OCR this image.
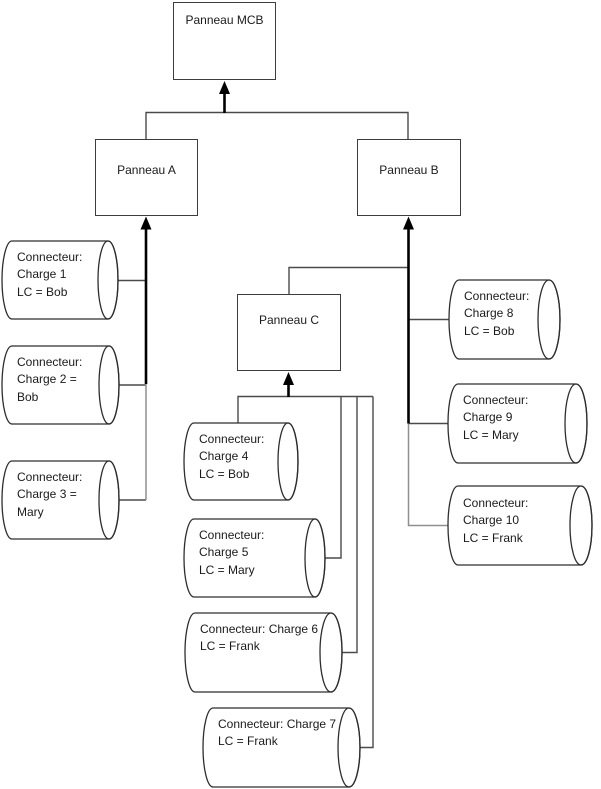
Panneau MCB
Panneau A	Panneau B
Panneau C
Connecteur:
Charge 1
LC = Bob
Connecteur:
Charge 2 =
Bob
Connecteur:
Charge 3 =
Mary
Connecteur:
Charge 4
LC = Bob
Connecteur:
Charge 5
LC = Mary
Connecteur: Charge 6
LC = Frank
Connecteur: Charge 7
LC = Frank
Connecteur:
Charge 8
LC = Bob
Connecteur:
Charge 9
LC = Mary
Connecteur:
Charge 10
LC = Frank
